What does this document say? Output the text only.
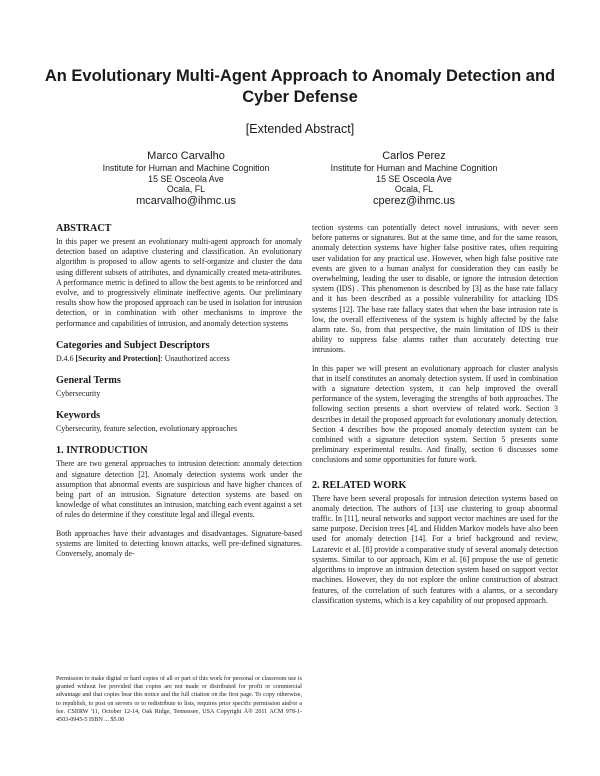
An Evolutionary Multi-Agent Approach to Anomaly Detection and Cyber Defense
[Extended Abstract]
Marco Carvalho
Institute for Human and Machine Cognition
15 SE Osceola Ave
Ocala, FL
mcarvalho@ihmc.us
Carlos Perez
Institute for Human and Machine Cognition
15 SE Osceola Ave
Ocala, FL
cperez@ihmc.us
ABSTRACT

In this paper we present an evolutionary multi-agent approach for anomaly detection based on adaptive clustering and classification. An evolutionary algorithm is proposed to allow agents to self-organize and cluster the data using different subsets of attributes, and dynamically created meta-attributes. A performance metric is defined to allow the best agents to be reinforced and evolve, and to progressively eliminate ineffective agents. Our preliminary results show how the proposed approach can be used in isolation for intrusion detection, or in combination with other mechanisms to improve the performance and capabilities of intrusion, and anomaly detection systems

Categories and Subject Descriptors

D.4.6 [Security and Protection]: Unauthorized access

General Terms

Cybersecurity

Keywords

Cybersecurity, feature selection, evolutionary approaches

1. INTRODUCTION

There are two general approaches to intrusion detection: anomaly detection and signature detection [2]. Anomaly detection systems work under the assumption that abnormal events are suspicious and have higher chances of being part of an intrusion. Signature detection systems are based on knowledge of what constitutes an intrusion, matching each event against a set of rules do determine if they constitute legal and illegal events.

Both approaches have their advantages and disadvantages. Signature-based systems are limited to detecting known attacks, well pre-defined signatures. Conversely, anomaly de-

tection systems can potentially detect novel intrusions, with never seen before patterns or signatures. But at the same time, and for the same reason, anomaly detection systems have higher false positive rates, often requiring user validation for any practical use. However, when high false positive rate events are given to a human analyst for consideration they can easily be overwhelming, leading the user to disable, or ignore the intrusion detection system (IDS) . This phenomenon is described by [3] as the base rate fallacy and it has been described as a possible vulnerability for attacking IDS systems [12]. The base rate fallacy states that when the base intrusion rate is low, the overall effectiveness of the system is highly affected by the false alarm rate. So, from that perspective, the main limitation of IDS is their ability to suppress false alarms rather than accurately detecting true intrusions.

In this paper we will present an evolutionary approach for cluster analysis that in itself constitutes an anomaly detection system. If used in combination with a signature detection system, it can help improved the overall performance of the system, leveraging the strengths of both approaches. The following section presents a short overview of related work. Section 3 describes in detail the proposed approach for evolutionary anomaly detection. Section 4 describes how the proposed anomaly detection system can be combined with a signature detection system. Section 5 presents some preliminary experimental results. And finally, section 6 discusses some conclusions and some opportunities for future work.

2. RELATED WORK

There have been several proposals for intrusion detection systems based on anomaly detection. The authors of [13] use clustering to group abnormal traffic. In [11], neural networks and support vector machines are used for the same purpose. Decision trees [4], and Hidden Markov models have also been used for anomaly detection [14]. For a brief background and review, Lazarevic et al. [8] provide a comparative study of several anomaly detection systems. Similar to our approach, Kim et al. [6] propose the use of genetic algorithms to improve an intrusion detection system based on support vector machines. However, they do not explore the online construction of abstract features, of the correlation of such features with a alarms, or a secondary classification systems, which is a key capability of our proposed approach.

Permission to make digital or hard copies of all or part of this work for personal or classroom use is granted without fee provided that copies are not made or distributed for profit or commercial advantage and that copies bear this notice and the full citation on the first page. To copy otherwise, to republish, to post on servers or to redistribute to lists, requires prior specific permission and/or a fee. CSIIRW '11, October 12-14, Oak Ridge, Tennessee, USA Copyright Ä® 2011 ACM 978-1-4503-0945-5 ISBN ... $5.00
